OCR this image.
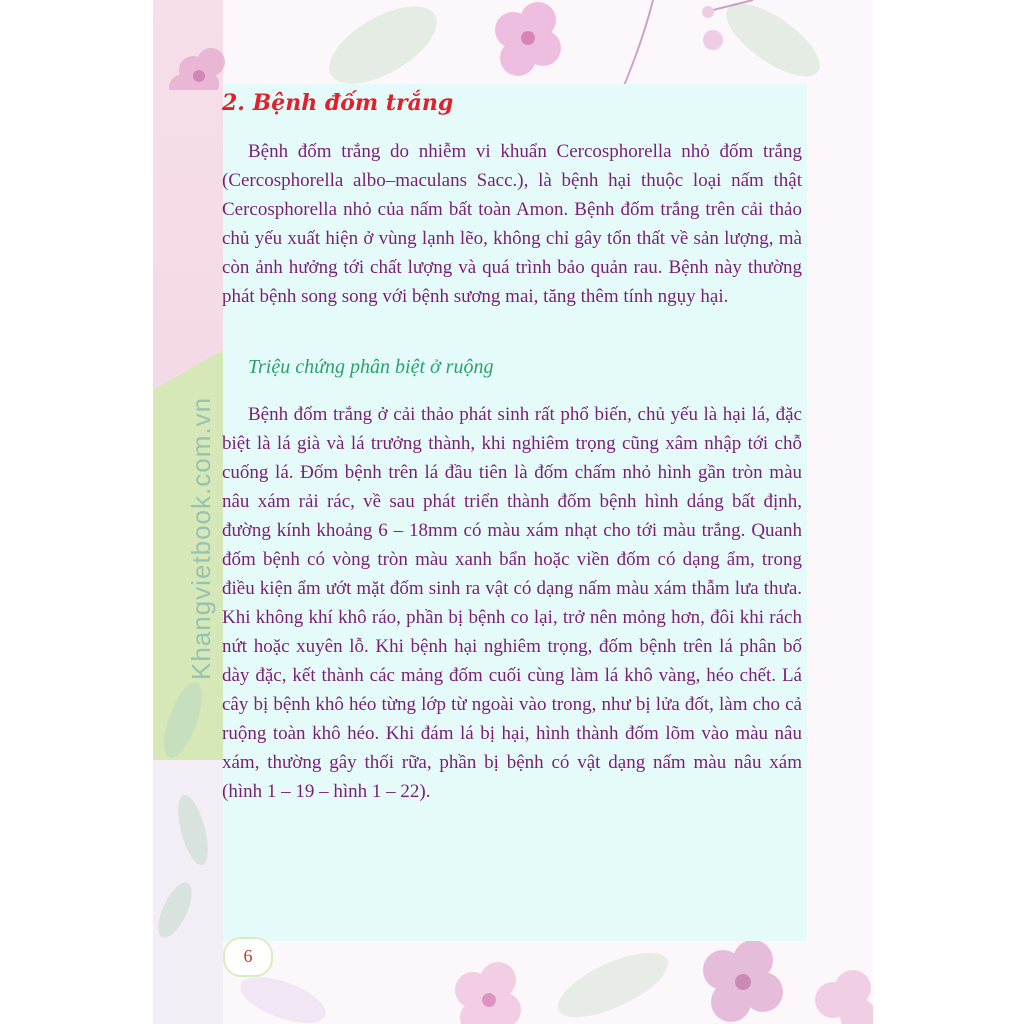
Khangvietbook.com.vn
2. Bệnh đốm trắng

Bệnh đốm trắng do nhiễm vi khuẩn Cercosphorella nhỏ đốm trắng (Cercosphorella albo–maculans Sacc.), là bệnh hại thuộc loại nấm thật Cercosphorella nhỏ của nấm bất toàn Amon. Bệnh đốm trắng trên cải thảo chủ yếu xuất hiện ở vùng lạnh lẽo, không chỉ gây tổn thất về sản lượng, mà còn ảnh hưởng tới chất lượng và quá trình bảo quản rau. Bệnh này thường phát bệnh song song với bệnh sương mai, tăng thêm tính ngụy hại.

Triệu chứng phân biệt ở ruộng

Bệnh đốm trắng ở cải thảo phát sinh rất phổ biến, chủ yếu là hại lá, đặc biệt là lá già và lá trưởng thành, khi nghiêm trọng cũng xâm nhập tới chỗ cuống lá. Đốm bệnh trên lá đầu tiên là đốm chấm nhỏ hình gần tròn màu nâu xám rải rác, về sau phát triển thành đốm bệnh hình dáng bất định, đường kính khoảng 6 – 18mm có màu xám nhạt cho tới màu trắng. Quanh đốm bệnh có vòng tròn màu xanh bẩn hoặc viền đốm có dạng ẩm, trong điều kiện ẩm ướt mặt đốm sinh ra vật có dạng nấm màu xám thẫm lưa thưa. Khi không khí khô ráo, phần bị bệnh co lại, trở nên mỏng hơn, đôi khi rách nứt hoặc xuyên lỗ. Khi bệnh hại nghiêm trọng, đốm bệnh trên lá phân bố dày đặc, kết thành các mảng đốm cuối cùng làm lá khô vàng, héo chết. Lá cây bị bệnh khô héo từng lớp từ ngoài vào trong, như bị lửa đốt, làm cho cả ruộng toàn khô héo. Khi đám lá bị hại, hình thành đốm lõm vào màu nâu xám, thường gây thối rữa, phần bị bệnh có vật dạng nấm màu nâu xám (hình 1 – 19 – hình 1 – 22).

6
